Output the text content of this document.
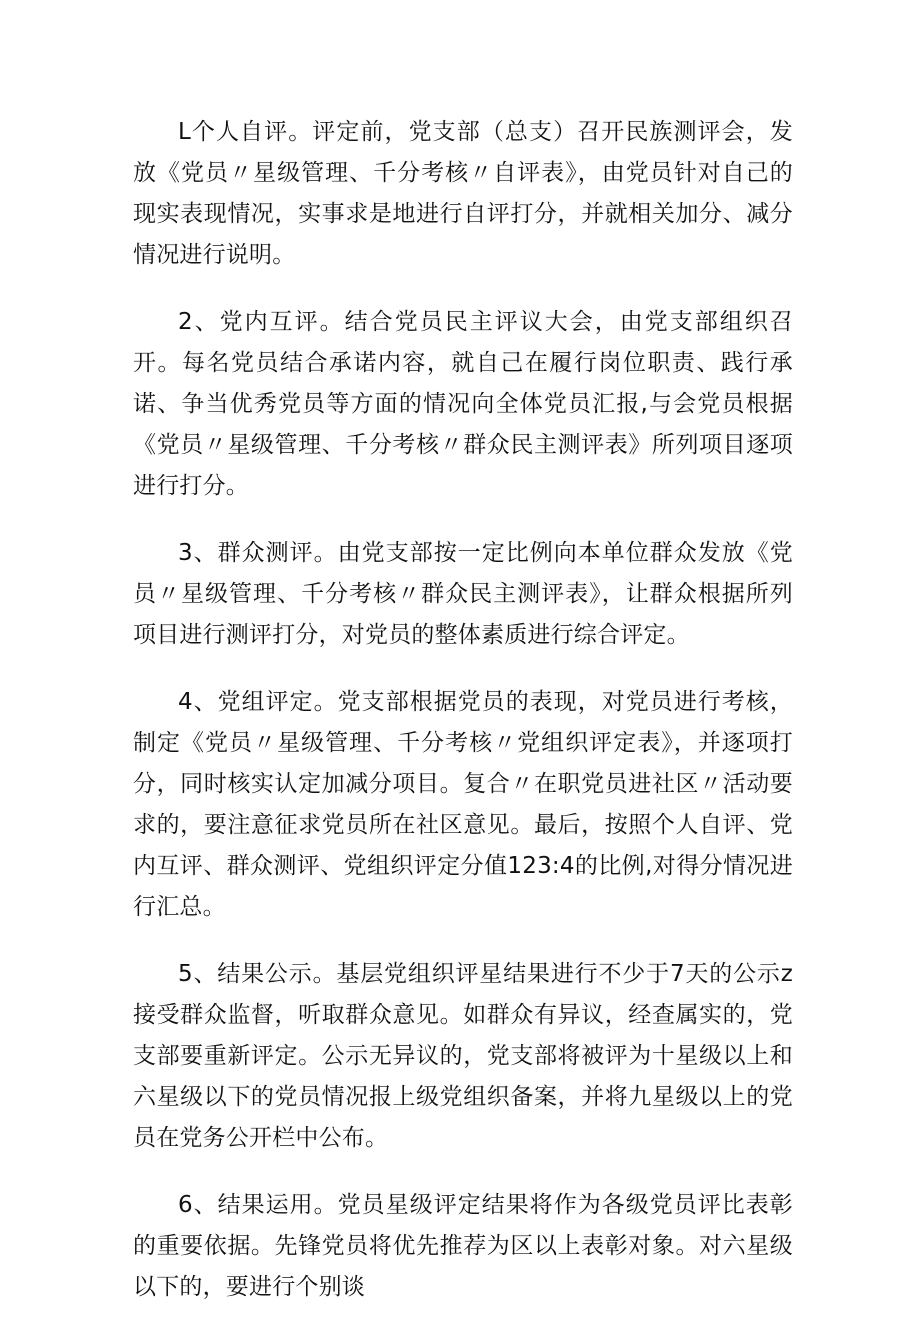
L个人自评。评定前，党支部（总支）召开民族测评会，发放《党员〃星级管理、千分考核〃自评表》，由党员针对自己的现实表现情况，实事求是地进行自评打分，并就相关加分、减分情况进行说明。

2、党内互评。结合党员民主评议大会，由党支部组织召开。每名党员结合承诺内容，就自己在履行岗位职责、践行承诺、争当优秀党员等方面的情况向全体党员汇报,与会党员根据《党员〃星级管理、千分考核〃群众民主测评表》所列项目逐项进行打分。

3、群众测评。由党支部按一定比例向本单位群众发放《党员〃星级管理、千分考核〃群众民主测评表》，让群众根据所列项目进行测评打分，对党员的整体素质进行综合评定。

4、党组评定。党支部根据党员的表现，对党员进行考核，制定《党员〃星级管理、千分考核〃党组织评定表》，并逐项打分，同时核实认定加减分项目。复合〃在职党员进社区〃活动要求的，要注意征求党员所在社区意见。最后，按照个人自评、党内互评、群众测评、党组织评定分值123:4的比例,对得分情况进行汇总。

5、结果公示。基层党组织评星结果进行不少于7天的公示z接受群众监督，听取群众意见。如群众有异议，经查属实的，党支部要重新评定。公示无异议的，党支部将被评为十星级以上和六星级以下的党员情况报上级党组织备案，并将九星级以上的党员在党务公开栏中公布。

6、结果运用。党员星级评定结果将作为各级党员评比表彰的重要依据。先锋党员将优先推荐为区以上表彰对象。对六星级以下的，要进行个别谈
